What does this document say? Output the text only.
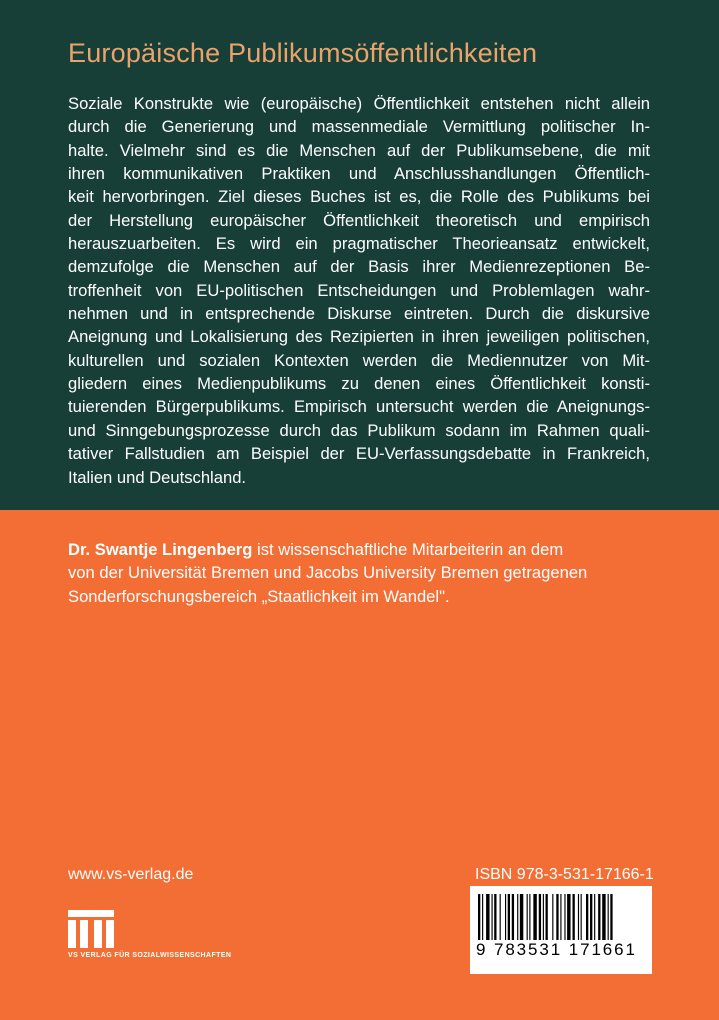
Europäische Publikumsöffentlichkeiten
Soziale Konstrukte wie (europäische) Öffentlichkeit entstehen nicht allein
durch die Generierung und massenmediale Vermittlung politischer In-
halte. Vielmehr sind es die Menschen auf der Publikumsebene, die mit
ihren kommunikativen Praktiken und Anschlusshandlungen Öffentlich-
keit hervorbringen. Ziel dieses Buches ist es, die Rolle des Publikums bei
der Herstellung europäischer Öffentlichkeit theoretisch und empirisch
herauszuarbeiten. Es wird ein pragmatischer Theorieansatz entwickelt,
demzufolge die Menschen auf der Basis ihrer Medienrezeptionen Be-
troffenheit von EU-politischen Entscheidungen und Problemlagen wahr-
nehmen und in entsprechende Diskurse eintreten. Durch die diskursive
Aneignung und Lokalisierung des Rezipierten in ihren jeweiligen politischen,
kulturellen und sozialen Kontexten werden die Mediennutzer von Mit-
gliedern eines Medienpublikums zu denen eines Öffentlichkeit konsti-
tuierenden Bürgerpublikums. Empirisch untersucht werden die Aneignungs-
und Sinngebungsprozesse durch das Publikum sodann im Rahmen quali-
tativer Fallstudien am Beispiel der EU-Verfassungsdebatte in Frankreich,
Italien und Deutschland.
Dr. Swantje Lingenberg ist wissenschaftliche Mitarbeiterin an dem
von der Universität Bremen und Jacobs University Bremen getragenen
Sonderforschungsbereich „Staatlichkeit im Wandel".
www.vs-verlag.de
VS VERLAG FÜR SOZIALWISSENSCHAFTEN
ISBN 978-3-531-17166-1
9 783531 171661
